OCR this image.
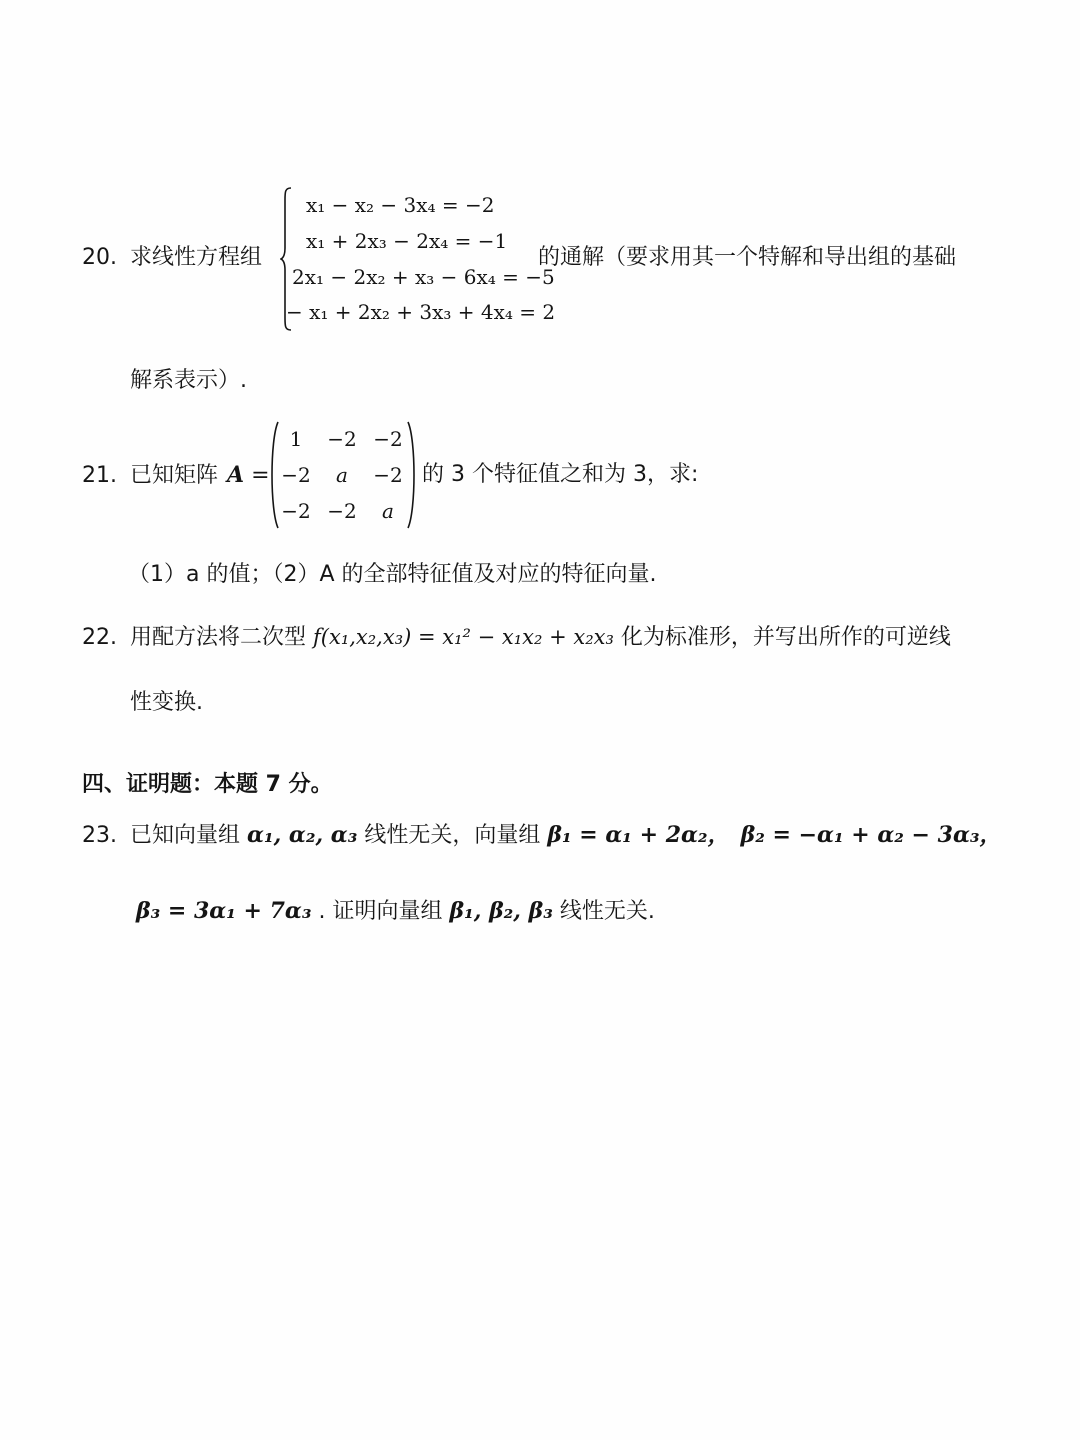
20. 求线性方程组
x₁ − x₂ − 3x₄ = −2
x₁ + 2x₃ − 2x₄ = −1
2x₁ − 2x₂ + x₃ − 6x₄ = −5
− x₁ + 2x₂ + 3x₃ + 4x₄ = 2
的通解（要求用其一个特解和导出组的基础
解系表示）.
21. 已知矩阵 A =
1	−2 −2
−2	a	−2
−2 −2	a
的 3 个特征值之和为 3，求:
（1）a 的值；（2）A 的全部特征值及对应的特征向量.
22. 用配方法将二次型 f(x₁,x₂,x₃) = x₁² − x₁x₂ + x₂x₃ 化为标准形，并写出所作的可逆线
性变换.
四、证明题：本题 7 分。
23. 已知向量组 α₁, α₂, α₃ 线性无关，向量组 β₁ = α₁ + 2α₂， β₂ = −α₁ + α₂ − 3α₃，
β₃ = 3α₁ + 7α₃ . 证明向量组 β₁, β₂, β₃ 线性无关.
